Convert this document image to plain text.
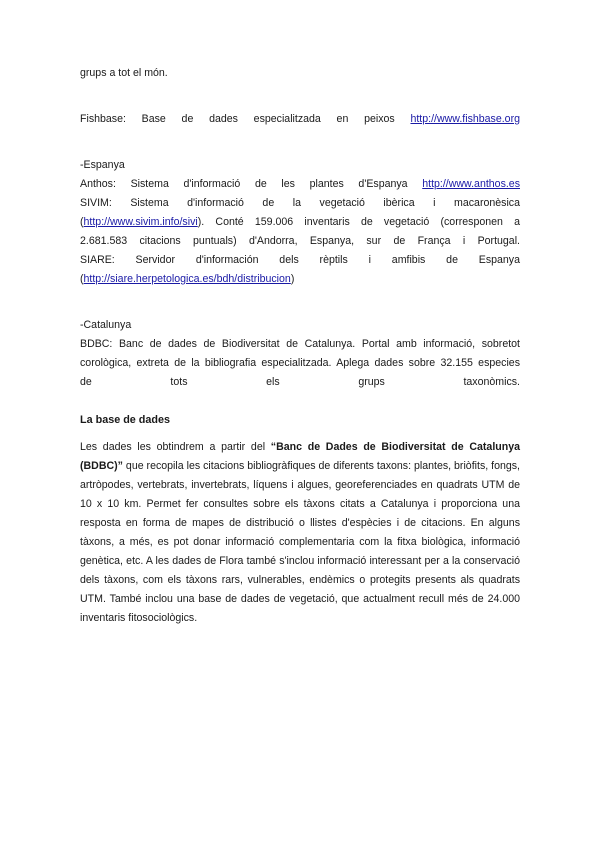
grups a tot el món.

Fishbase: Base de dades especialitzada en peixos http://www.fishbase.org

-Espanya

Anthos: Sistema d'informació de les plantes d'Espanya http://www.anthos.es

SIVIM: Sistema d'informació de la vegetació ibèrica i macaronèsica

(http://www.sivim.info/sivi). Conté 159.006 inventaris de vegetació (corresponen a

2.681.583 citacions puntuals) d'Andorra, Espanya, sur de França i Portugal.

SIARE: Servidor d'información dels rèptils i amfibis de Espanya

(http://siare.herpetologica.es/bdh/distribucion)

-Catalunya

BDBC: Banc de dades de Biodiversitat de Catalunya. Portal amb informació, sobretot

corològica, extreta de la bibliografia especialitzada. Aplega dades sobre 32.155 especies

de tots els grups taxonòmics.

La base de dades

Les dades les obtindrem a partir del “Banc de Dades de Biodiversitat de Catalunya (BDBC)” que recopila les citacions bibliogràfiques de diferents taxons: plantes, briòfits, fongs, artròpodes, vertebrats, invertebrats, líquens i algues, georeferenciades en quadrats UTM de 10 x 10 km. Permet fer consultes sobre els tàxons citats a Catalunya i proporciona una resposta en forma de mapes de distribució o llistes d'espècies i de citacions. En alguns tàxons, a més, es pot donar informació complementaria com la fitxa biològica, informació genètica, etc. A les dades de Flora també s'inclou informació interessant per a la conservació dels tàxons, com els tàxons rars, vulnerables, endèmics o protegits presents als quadrats UTM. També inclou una base de dades de vegetació, que actualment recull més de 24.000 inventaris fitosociològics.
